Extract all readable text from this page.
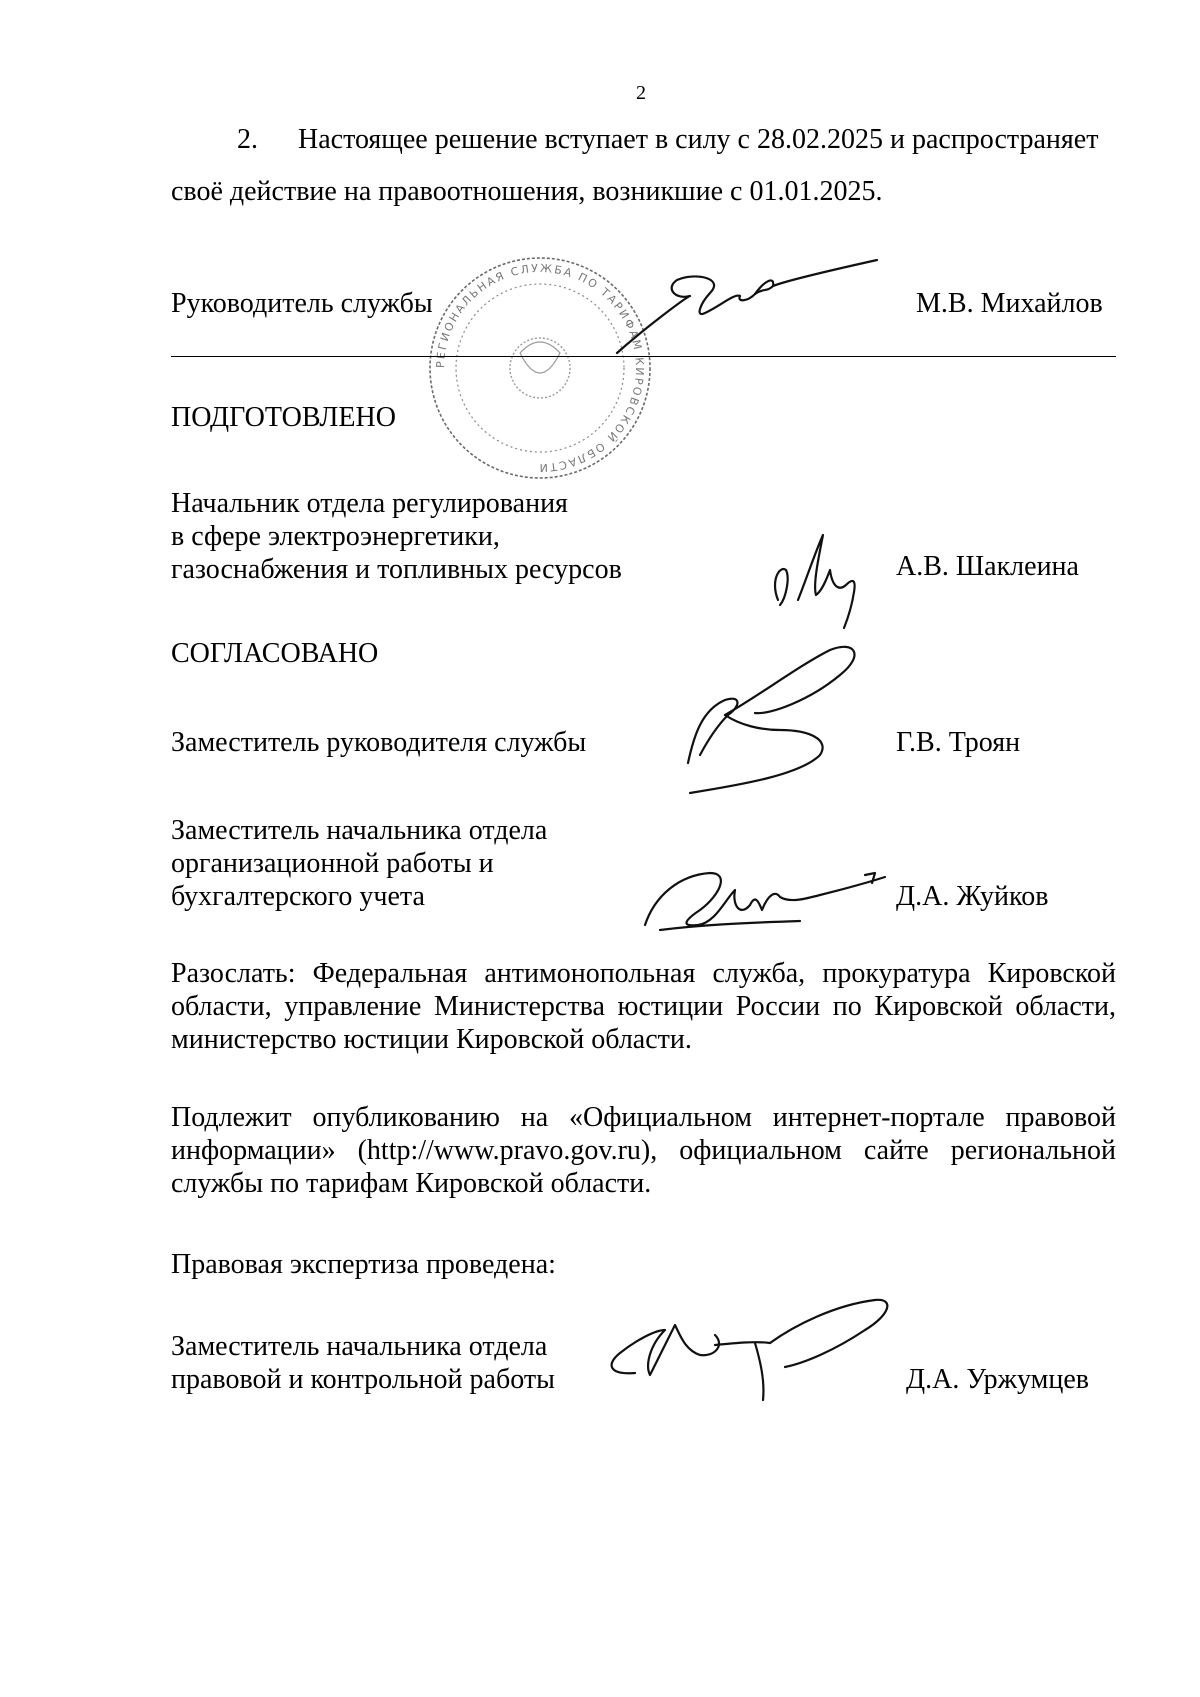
2
2. Настоящее решение вступает в силу с 28.02.2025 и распространяет
своё действие на правоотношения, возникшие с 01.01.2025.
РЕГИОНАЛЬНАЯ СЛУЖБА ПО ТАРИФАМ КИРОВСКОЙ ОБЛАСТИ
Руководитель службы	М.В. Михайлов
ПОДГОТОВЛЕНО
Начальник отдела регулирования
в сфере электроэнергетики,
газоснабжения и топливных ресурсов	А.В. Шаклеина
СОГЛАСОВАНО
Заместитель руководителя службы	Г.В. Троян
Заместитель начальника отдела
организационной работы и
бухгалтерского учета	Д.А. Жуйков
Разослать: Федеральная антимонопольная служба, прокуратура Кировской области, управление Министерства юстиции России по Кировской области, министерство юстиции Кировской области.
Подлежит опубликованию на «Официальном интернет-портале правовой информации» (http://www.pravo.gov.ru), официальном сайте региональной службы по тарифам Кировской области.
Правовая экспертиза проведена:
Заместитель начальника отдела
правовой и контрольной работы	Д.А. Уржумцев
